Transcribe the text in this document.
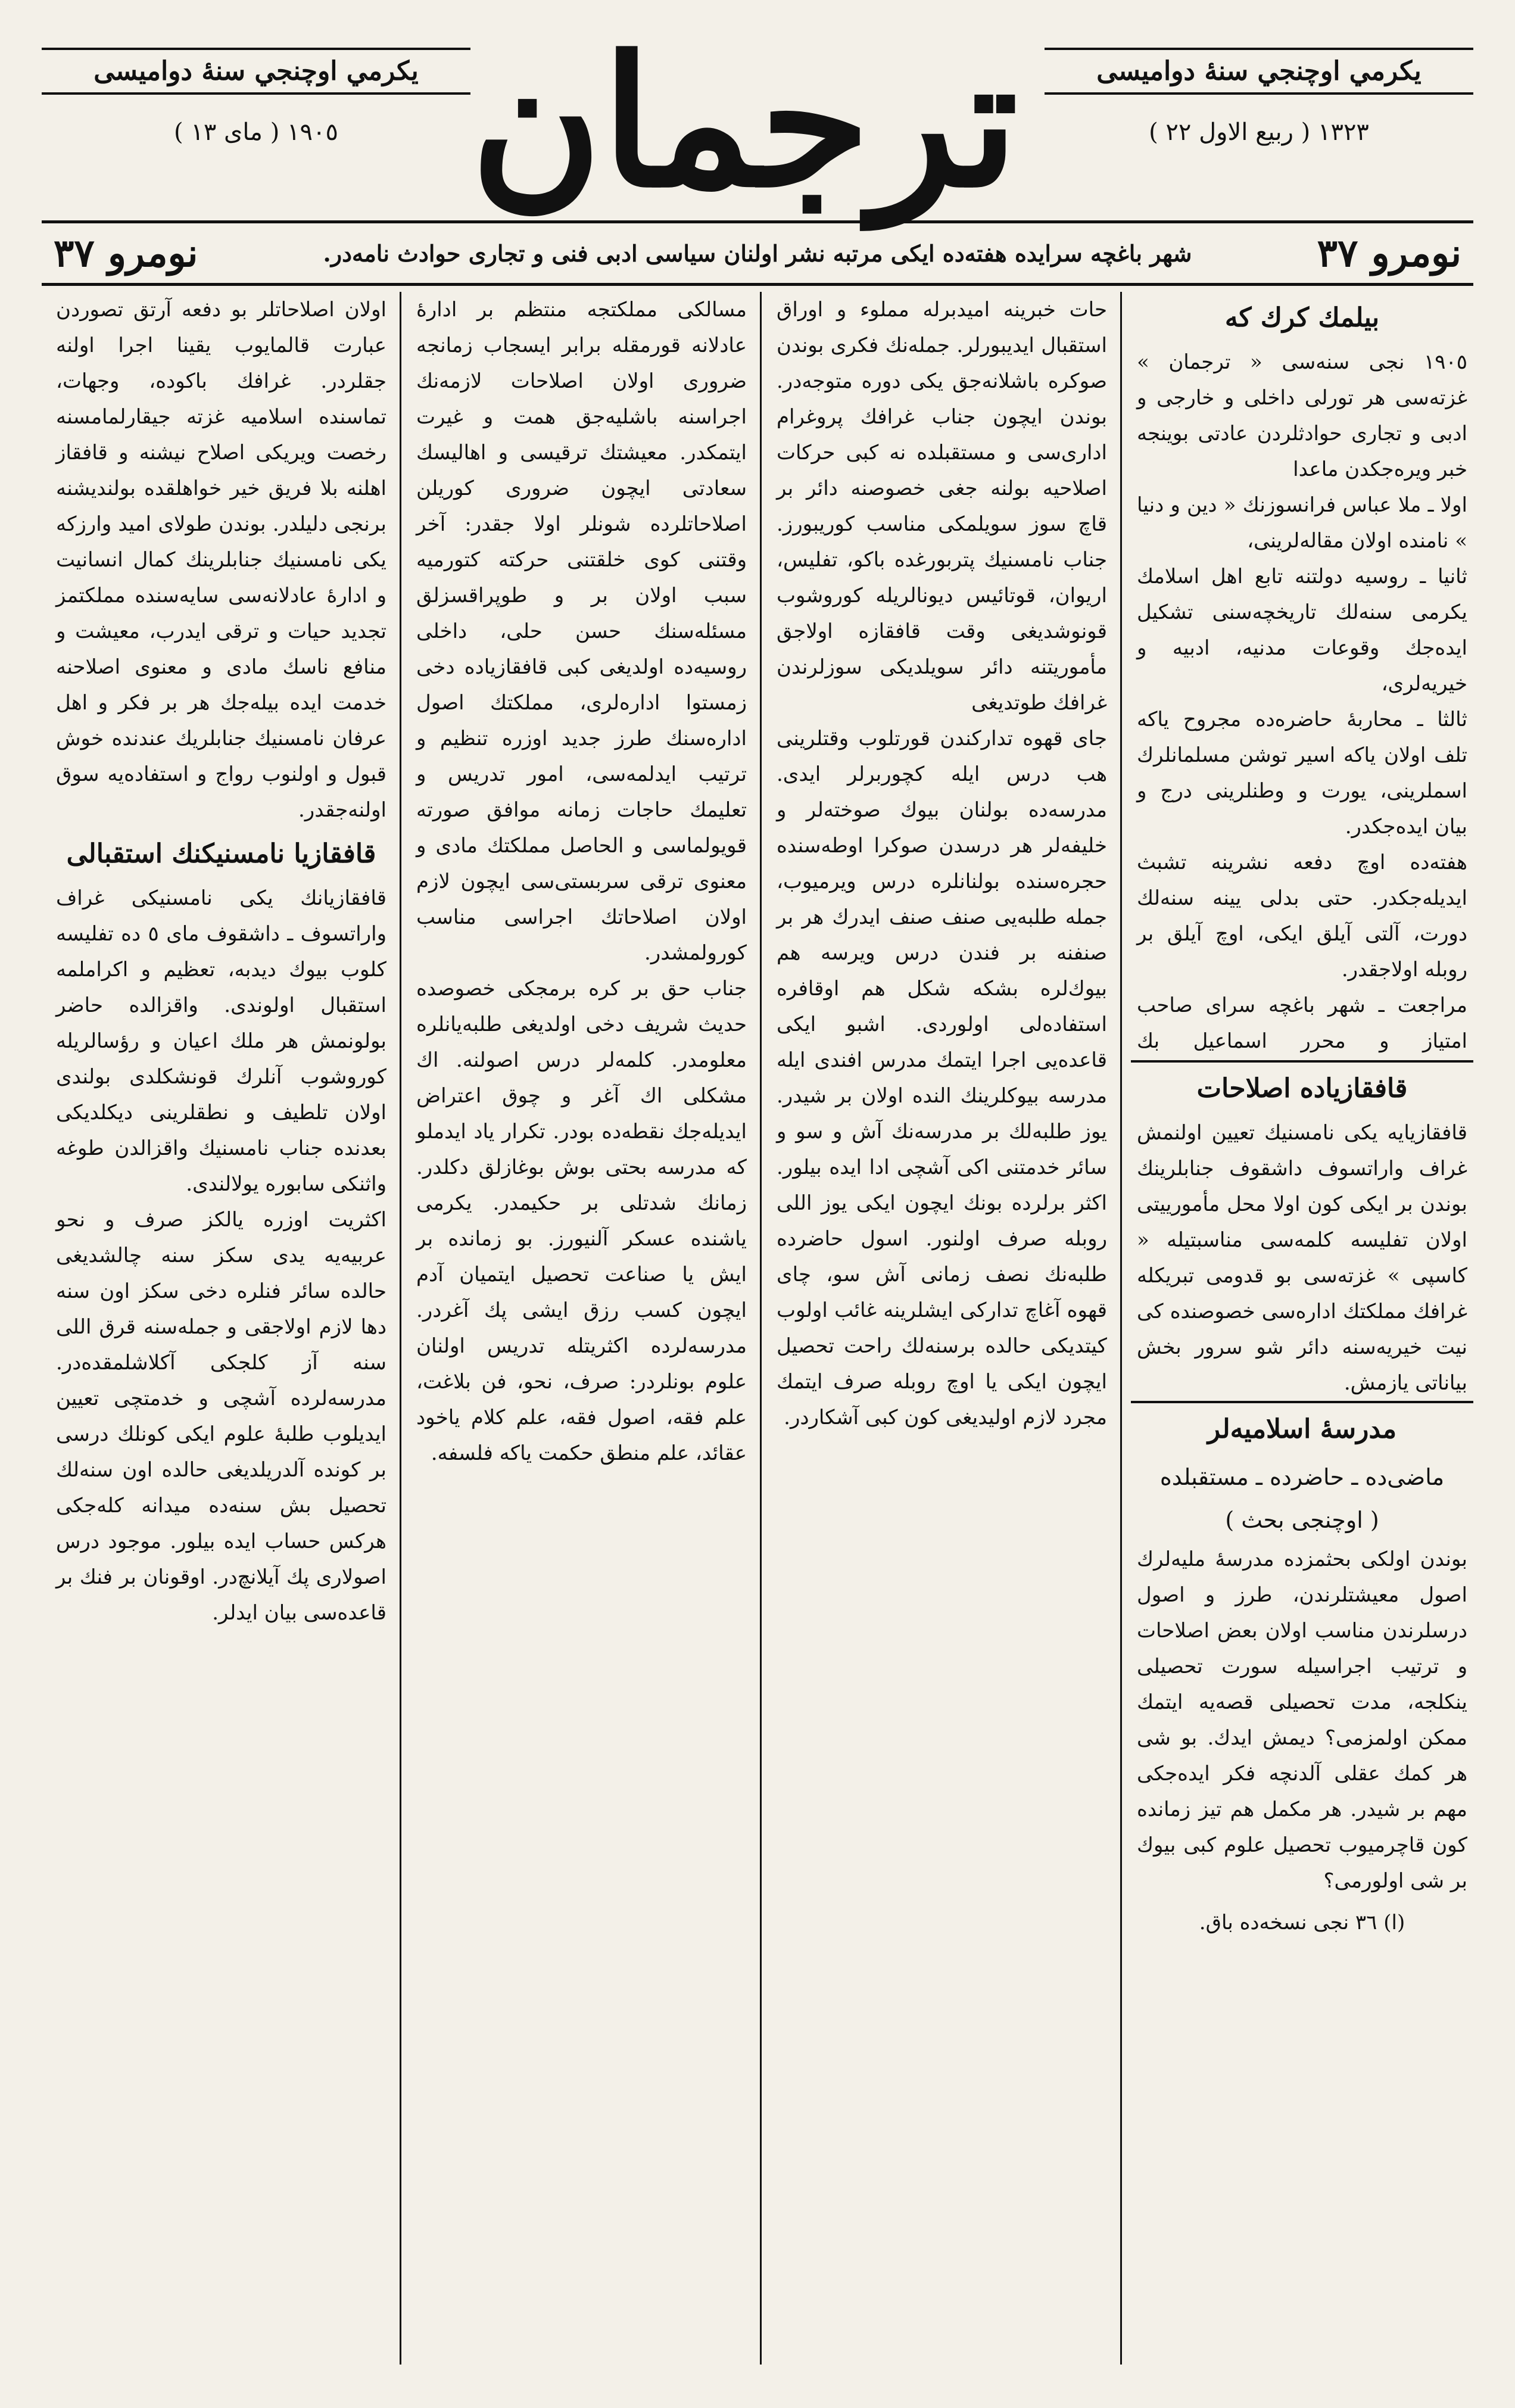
يكرمي اوچنجي سنهٔ دواميسی
١٣٢٣ ( ربيع الاول ٢٢ )
ترجمان
يكرمي اوچنجي سنهٔ دواميسی
١٩٠٥ ( مای ١٣ )
نومرو ٣٧
شهر باغچه سرايده هفته‌ده ايكی مرتبه نشر اولنان سياسی ادبی فنی و تجاری حوادث نامه‌در.
نومرو ٣٧
بيلمك كرك كه

١٩٠٥ نجی سنه‌سی « ترجمان » غزته‌سی هر تورلی داخلی و خارجی و ادبی و تجاری حوادثلردن عادتی بوينجه خبر ويره‌جكدن ماعدا

اولا ـ ملا عباس فرانسوزنك « دين و دنيا » نامنده اولان مقاله‌لرينی،

ثانيا ـ روسيه دولتنه تابع اهل اسلامك يكرمی سنه‌لك تاريخچه‌سنی تشكيل ايده‌جك وقوعات مدنيه، ادبيه و خيريه‌لری،

ثالثا ـ محاربهٔ حاضره‌ده مجروح ياكه تلف اولان ياكه اسير توشن مسلمانلرك اسملرينی، يورت و وطنلرينی درج و بيان ايده‌جكدر.

هفته‌ده اوچ دفعه نشرينه تشبث ايديله‌جكدر. حتی بدلی يينه سنه‌لك دورت، آلتی آيلق ايكی، اوچ آيلق بر روبله اولاجقدر.

مراجعت ـ شهر باغچه سرای صاحب امتياز و محرر اسماعيل بك

حات خبرينه اميدبرله مملوء و اوراق استقبال ايديبورلر. جمله‌نك فكری بوندن صوكره باشلانه‌جق يكی دوره متوجه‌در. بوندن ايچون جناب غرافك پروغرام اداری‌سی و مستقبلده نه كبی حركات اصلاحيه بولنه جغی خصوصنه دائر بر قاچ سوز سويلمكی مناسب كوريبورز. جناب نامسنيك پتربورغده باكو، تفليس، اريوان، قوتائيس ديونالريله كوروشوب قونوشديغی وقت قافقازه اولاجق مأموريتنه دائر سويلديكی سوزلرندن غرافك طوتديغی

جای قهوه تداركندن قورتلوب وقتلرينی هب درس ايله كچوربرلر ايدی. مدرسه‌ده بولنان بيوك صوخته‌لر و خليفه‌لر هر درسدن صوكرا اوطه‌سنده حجره‌سنده بولنانلره درس ويرميوب، جمله طلبه‌يی صنف صنف ايدرك هر بر صنفنه بر فندن درس ويرسه هم بيوك‌لره بشكه شكل هم اوقافره استفاده‌لی اولوردی. اشبو ايكی قاعده‌يی اجرا ايتمك مدرس افندی ايله مدرسه بيوكلرينك النده اولان بر شيدر. يوز طلبه‌لك بر مدرسه‌نك آش و سو و سائر خدمتنی اكی آشچی ادا ايده بيلور. اكثر برلرده بونك ايچون ايكی يوز اللی روبله صرف اولنور. اسول حاضرده طلبه‌نك نصف زمانی آش سو، چای قهوه آغاچ تداركی ايشلرينه غائب اولوب كيتديكی حالده برسنه‌لك راحت تحصيل ايچون ايكی يا اوچ روبله صرف ايتمك مجرد لازم اوليديغی كون كبی آشكاردر.

مسالكی مملكتجه منتظم بر ادارهٔ عادلانه قورمقله برابر ايسجاب زمانجه ضروری اولان اصلاحات لازمه‌نك اجراسنه باشليه‌جق همت و غيرت ايتمكدر. معيشتك ترقيسی و اهاليسك سعادتی ايچون ضروری كوريلن اصلاحاتلرده شونلر اولا جقدر: آخر وقتنی كوی خلقتنی حركته كتورميه سبب اولان بر و طوپراقسزلق مسئله‌سنك حسن حلی، داخلی روسيه‌ده اولديغی كبی قافقازياده دخی زمستوا اداره‌لری، مملكتك اصول اداره‌سنك طرز جديد اوزره تنظيم و ترتيب ايدلمه‌سی، امور تدريس و تعليمك حاجات زمانه موافق صورته قويولماسی و الحاصل مملكتك مادی و معنوی ترقی سربستی‌سی ايچون لازم اولان اصلاحاتك اجراسی مناسب كورولمشدر.

جناب حق بر كره برمجكی خصوصده حديث شريف دخی اولديغی طلبه‌يانلره معلومدر. كلمه‌لر درس اصولنه. اك مشكلی اك آغر و چوق اعتراض ايديله‌جك نقطه‌ده بودر. تكرار ياد ايدملو كه مدرسه بحتی بوش بوغازلق دكلدر. زمانك شدتلی بر حكيمدر. يكرمی ياشنده عسكر آلنيورز. بو زمانده بر ايش يا صناعت تحصيل ايتميان آدم ايچون كسب رزق ايشی پك آغردر. مدرسه‌لرده اكثريتله تدريس اولنان علوم بونلردر: صرف، نحو، فن بلاغت، علم فقه، اصول فقه، علم كلام ياخود عقائد، علم منطق حكمت ياكه فلسفه.

اولان اصلاحاتلر بو دفعه آرتق تصوردن عبارت قالمايوب يقينا اجرا اولنه جقلردر. غرافك باكوده، وجهات، تماسنده اسلاميه غزته جيقارلمامسنه رخصت ويريكی اصلاح نيشنه و قافقاز اهلنه بلا فريق خير خواهلقده بولنديشنه برنجی دليلدر. بوندن طولای اميد وارزكه يكی نامسنيك جنابلرينك كمال انسانيت و ادارهٔ عادلانه‌سی سايه‌سنده مملكتمز تجديد حيات و ترقی ايدرب، معيشت و منافع ناسك مادی و معنوی اصلاحنه خدمت ايده بيله‌جك هر بر فكر و اهل عرفان نامسنيك جنابلريك عندنده خوش قبول و اولنوب رواج و استفاده‌يه سوق اولنه‌جقدر.

قافقازيا نامسنيكنك استقبالی

قافقازيانك يكی نامسنيكی غراف واراتسوف ـ داشقوف مای ٥ ده تفليسه كلوب بيوك ديدبه، تعظيم و اكراملمه استقبال اولوندی. واقزالده حاضر بولونمش هر ملك اعيان و رؤسالريله كوروشوب آنلرك قونشكلدی بولندی اولان تلطيف و نطقلرينی ديكلديكی بعدنده جناب نامسنيك واقزالدن طوغه واثنكی سابوره يولالندی.

اكثريت اوزره يالكز صرف و نحو عربيه‌يه يدی سكز سنه چالشديغی حالده سائر فنلره دخی سكز اون سنه دها لازم اولاجقی و جمله‌سنه قرق اللی سنه آز كلجكی آكلاشلمقده‌در. مدرسه‌لرده آشچی و خدمتچی تعيين ايديلوب طلبهٔ علوم ايكی كونلك درسی بر كونده آلدريلديغی حالده اون سنه‌لك تحصيل بش سنه‌ده ميدانه كله‌جكی هركس حساب ايده بيلور. موجود درس اصولاری پك آيلانچ‌در. اوقونان بر فنك بر قاعده‌سی بيان ايدلر.

قافقازيا‌ده اصلاحات

قافقازيايه يكی نامسنيك تعيين اولنمش غراف واراتسوف داشقوف جنابلرينك بوندن بر ايكی كون اولا محل مأمورييتی اولان تفليسه كلمه‌سی مناسبتيله « كاسپی » غزته‌سی بو قدومی تبريكله غرافك مملكتك اداره‌سی خصوصنده كی نيت خيريه‌سنه دائر شو سرور بخش بياناتی يازمش.

مدرسهٔ اسلاميه‌لر
ماضی‌ده ـ حاضرده ـ مستقبلده
( اوچنجی بحث )

بوندن اولكی بحثمزده مدرسهٔ مليه‌لرك اصول معيشتلرندن، طرز و اصول درسلرندن مناسب اولان بعض اصلاحات و ترتيب اجراسيله سورت تحصيلی ينكلجه، مدت تحصيلی قصه‌يه ايتمك ممكن اولمزمی؟ ديمش ايدك. بو شی هر كمك عقلی آلدنچه فكر ايده‌جكی مهم بر شيدر. هر مكمل هم تيز زمانده كون قاچرميوب تحصيل علوم كبی بيوك بر شی اولورمی؟

(ا) ٣٦ نجی نسخه‌ده باق.
